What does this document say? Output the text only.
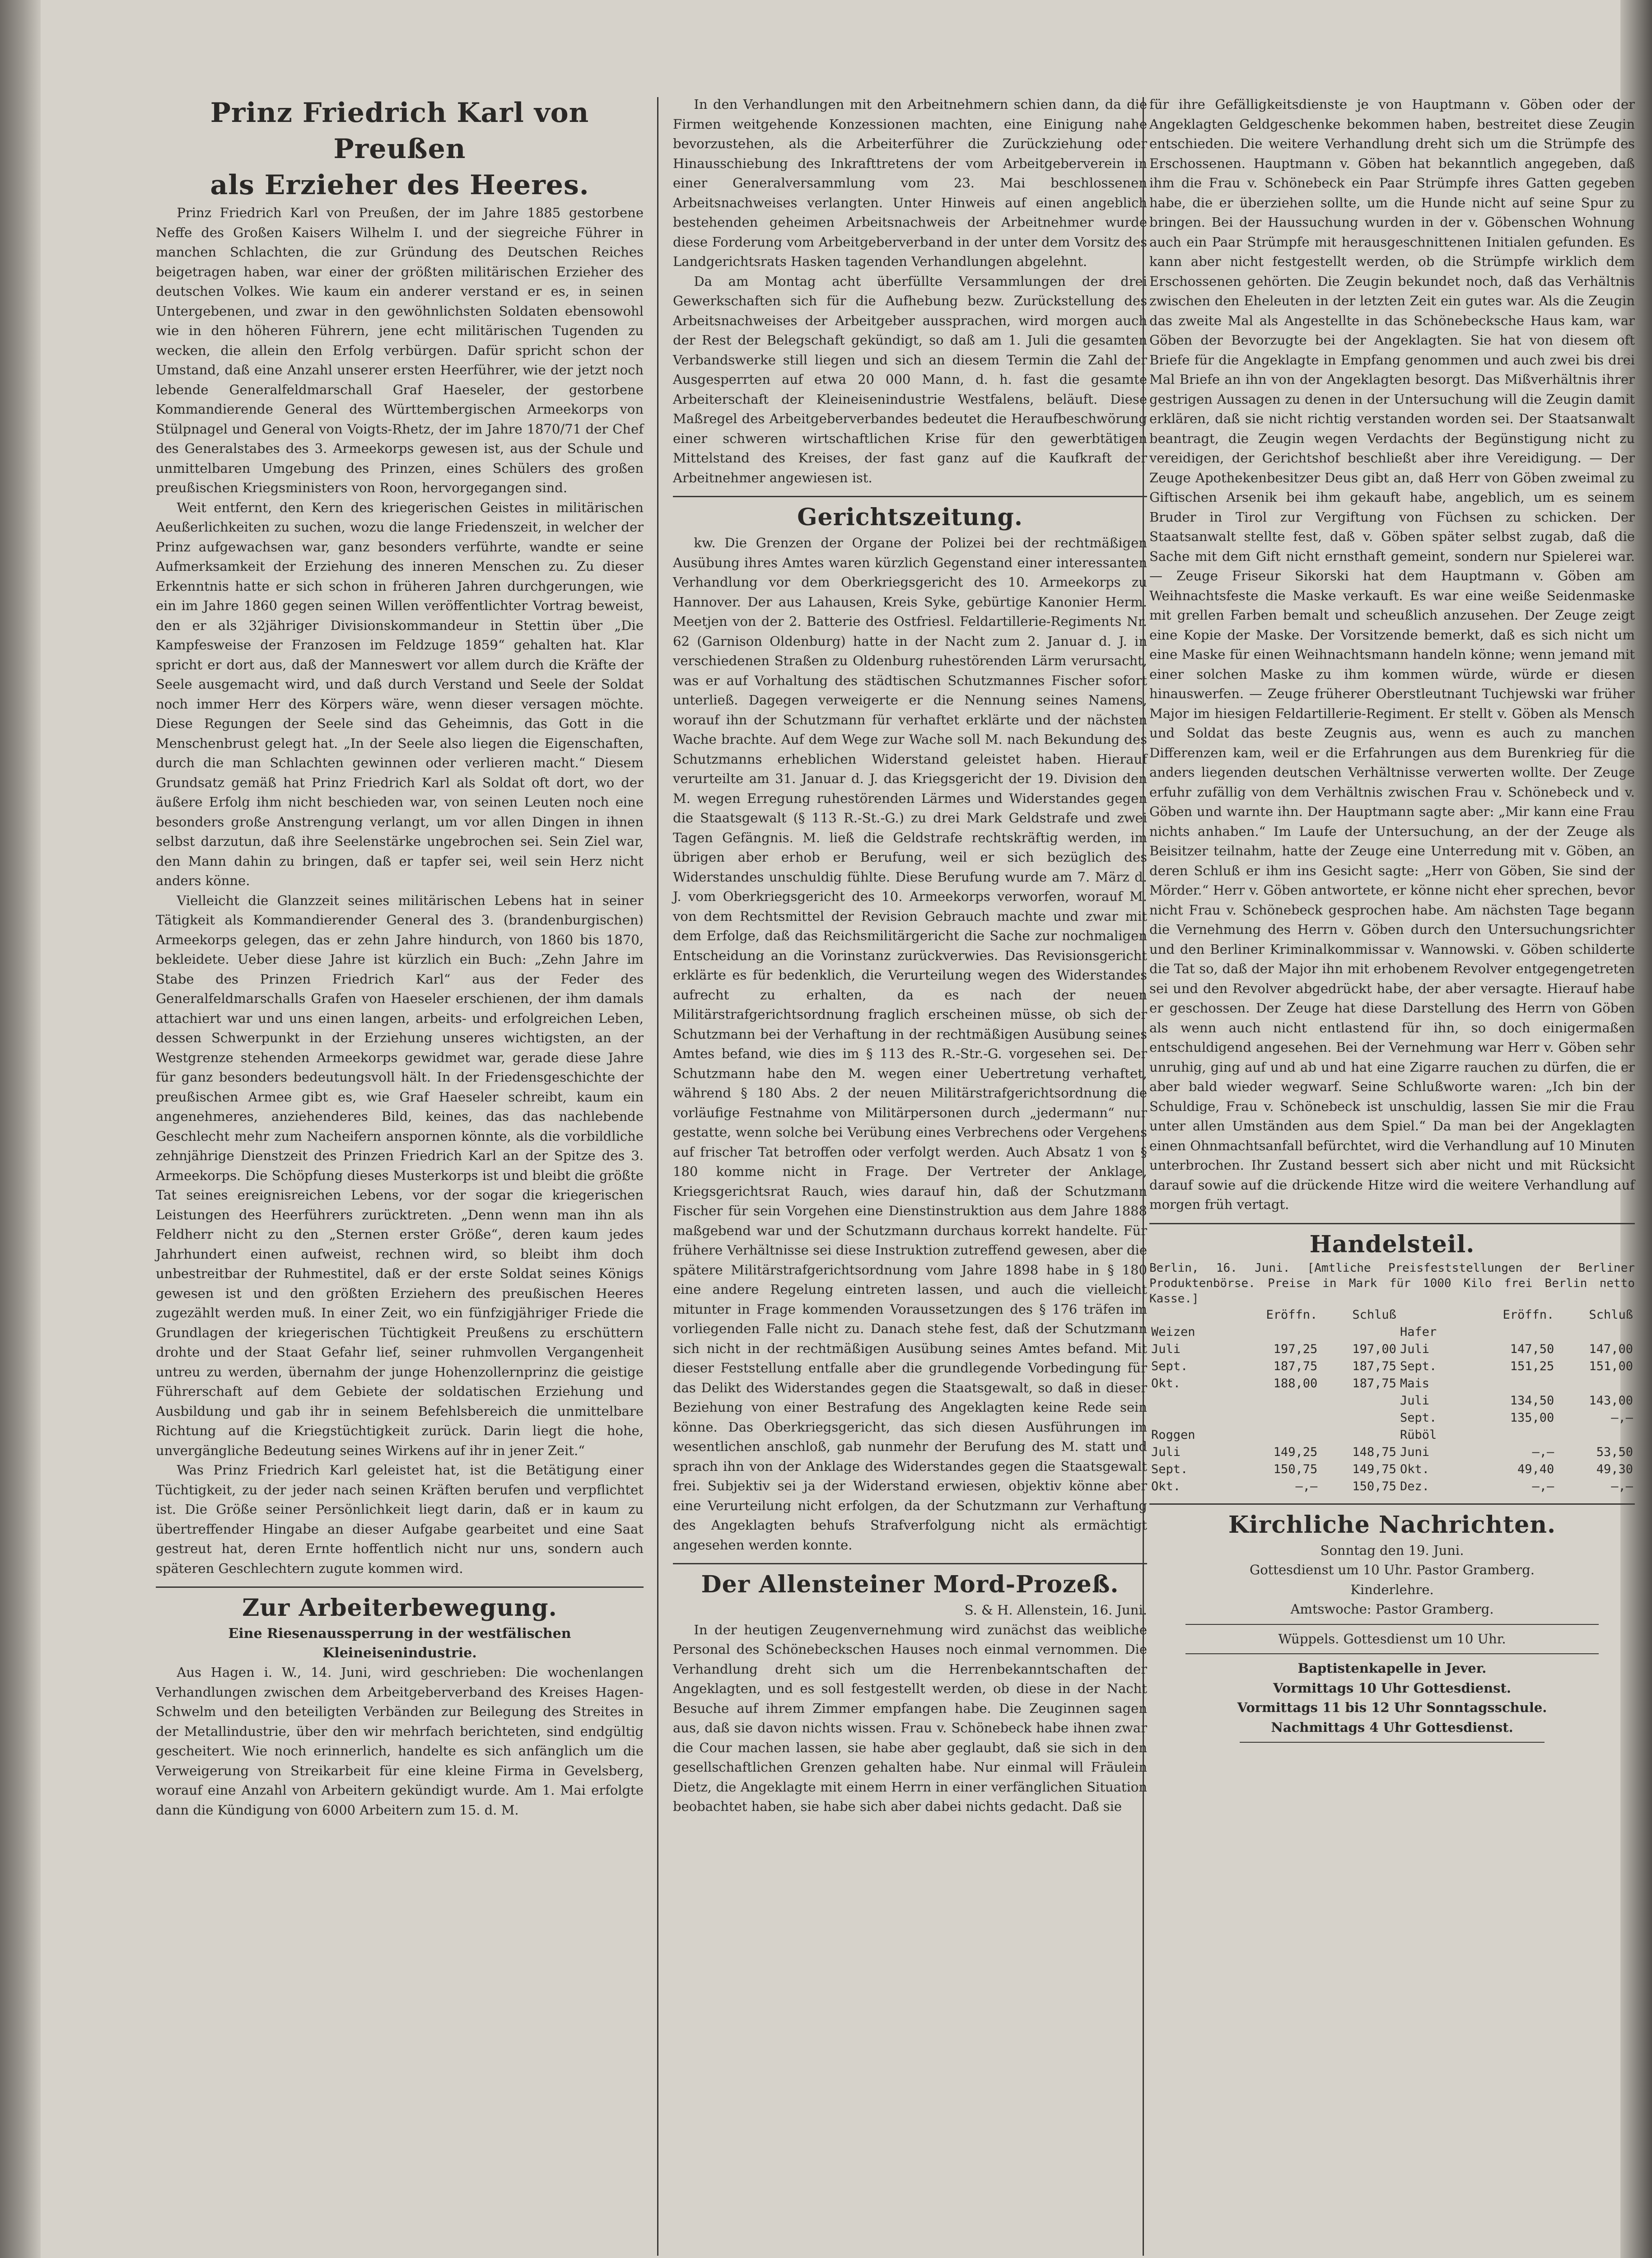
Prinz Friedrich Karl von Preußen
als Erzieher des Heeres.

Prinz Friedrich Karl von Preußen, der im Jahre 1885 gestorbene Neffe des Großen Kaisers Wilhelm I. und der siegreiche Führer in manchen Schlachten, die zur Gründung des Deutschen Reiches beigetragen haben, war einer der größten militärischen Erzieher des deutschen Volkes. Wie kaum ein anderer verstand er es, in seinen Untergebenen, und zwar in den gewöhnlichsten Soldaten ebensowohl wie in den höheren Führern, jene echt militärischen Tugenden zu wecken, die allein den Erfolg verbürgen. Dafür spricht schon der Umstand, daß eine Anzahl unserer ersten Heerführer, wie der jetzt noch lebende Generalfeldmarschall Graf Haeseler, der gestorbene Kommandierende General des Württembergischen Armeekorps von Stülpnagel und General von Voigts-Rhetz, der im Jahre 1870/71 der Chef des Generalstabes des 3. Armeekorps gewesen ist, aus der Schule und unmittelbaren Umgebung des Prinzen, eines Schülers des großen preußischen Kriegsministers von Roon, hervorgegangen sind.

Weit entfernt, den Kern des kriegerischen Geistes in militärischen Aeußerlichkeiten zu suchen, wozu die lange Friedenszeit, in welcher der Prinz aufgewachsen war, ganz besonders verführte, wandte er seine Aufmerksamkeit der Erziehung des inneren Menschen zu. Zu dieser Erkenntnis hatte er sich schon in früheren Jahren durchgerungen, wie ein im Jahre 1860 gegen seinen Willen veröffentlichter Vortrag beweist, den er als 32jähriger Divisionskommandeur in Stettin über „Die Kampfesweise der Franzosen im Feldzuge 1859“ gehalten hat. Klar spricht er dort aus, daß der Manneswert vor allem durch die Kräfte der Seele ausgemacht wird, und daß durch Verstand und Seele der Soldat noch immer Herr des Körpers wäre, wenn dieser versagen möchte. Diese Regungen der Seele sind das Geheimnis, das Gott in die Menschenbrust gelegt hat. „In der Seele also liegen die Eigenschaften, durch die man Schlachten gewinnen oder verlieren macht.“ Diesem Grundsatz gemäß hat Prinz Friedrich Karl als Soldat oft dort, wo der äußere Erfolg ihm nicht beschieden war, von seinen Leuten noch eine besonders große Anstrengung verlangt, um vor allen Dingen in ihnen selbst darzutun, daß ihre Seelenstärke ungebrochen sei. Sein Ziel war, den Mann dahin zu bringen, daß er tapfer sei, weil sein Herz nicht anders könne.

Vielleicht die Glanzzeit seines militärischen Lebens hat in seiner Tätigkeit als Kommandierender General des 3. (brandenburgischen) Armeekorps gelegen, das er zehn Jahre hindurch, von 1860 bis 1870, bekleidete. Ueber diese Jahre ist kürzlich ein Buch: „Zehn Jahre im Stabe des Prinzen Friedrich Karl“ aus der Feder des Generalfeldmarschalls Grafen von Haeseler erschienen, der ihm damals attachiert war und uns einen langen, arbeits- und erfolgreichen Leben, dessen Schwerpunkt in der Erziehung unseres wichtigsten, an der Westgrenze stehenden Armeekorps gewidmet war, gerade diese Jahre für ganz besonders bedeutungsvoll hält. In der Friedensgeschichte der preußischen Armee gibt es, wie Graf Haeseler schreibt, kaum ein angenehmeres, anziehenderes Bild, keines, das das nachlebende Geschlecht mehr zum Nacheifern anspornen könnte, als die vorbildliche zehnjährige Dienstzeit des Prinzen Friedrich Karl an der Spitze des 3. Armeekorps. Die Schöpfung dieses Musterkorps ist und bleibt die größte Tat seines ereignisreichen Lebens, vor der sogar die kriegerischen Leistungen des Heerführers zurücktreten. „Denn wenn man ihn als Feldherr nicht zu den „Sternen erster Größe“, deren kaum jedes Jahrhundert einen aufweist, rechnen wird, so bleibt ihm doch unbestreitbar der Ruhmestitel, daß er der erste Soldat seines Königs gewesen ist und den größten Erziehern des preußischen Heeres zugezählt werden muß. In einer Zeit, wo ein fünfzigjähriger Friede die Grundlagen der kriegerischen Tüchtigkeit Preußens zu erschüttern drohte und der Staat Gefahr lief, seiner ruhmvollen Vergangenheit untreu zu werden, übernahm der junge Hohenzollernprinz die geistige Führerschaft auf dem Gebiete der soldatischen Erziehung und Ausbildung und gab ihr in seinem Befehlsbereich die unmittelbare Richtung auf die Kriegstüchtigkeit zurück. Darin liegt die hohe, unvergängliche Bedeutung seines Wirkens auf ihr in jener Zeit.“

Was Prinz Friedrich Karl geleistet hat, ist die Betätigung einer Tüchtigkeit, zu der jeder nach seinen Kräften berufen und verpflichtet ist. Die Größe seiner Persönlichkeit liegt darin, daß er in kaum zu übertreffender Hingabe an dieser Aufgabe gearbeitet und eine Saat gestreut hat, deren Ernte hoffentlich nicht nur uns, sondern auch späteren Geschlechtern zugute kommen wird.

Zur Arbeiterbewegung.
Eine Riesenaussperrung in der westfälischen Kleineisenindustrie.

Aus Hagen i. W., 14. Juni, wird geschrieben: Die wochenlangen Verhandlungen zwischen dem Arbeitgeberverband des Kreises Hagen-Schwelm und den beteiligten Verbänden zur Beilegung des Streites in der Metallindustrie, über den wir mehrfach berichteten, sind endgültig gescheitert. Wie noch erinnerlich, handelte es sich anfänglich um die Verweigerung von Streikarbeit für eine kleine Firma in Gevelsberg, worauf eine Anzahl von Arbeitern gekündigt wurde. Am 1. Mai erfolgte dann die Kündigung von 6000 Arbeitern zum 15. d. M.

In den Verhandlungen mit den Arbeitnehmern schien dann, da die Firmen weitgehende Konzessionen machten, eine Einigung nahe bevorzustehen, als die Arbeiterführer die Zurückziehung oder Hinausschiebung des Inkrafttretens der vom Arbeitgeberverein in einer Generalversammlung vom 23. Mai beschlossenen Arbeitsnachweises verlangten. Unter Hinweis auf einen angeblich bestehenden geheimen Arbeitsnachweis der Arbeitnehmer wurde diese Forderung vom Arbeitgeberverband in der unter dem Vorsitz des Landgerichtsrats Hasken tagenden Verhandlungen abgelehnt.

Da am Montag acht überfüllte Versammlungen der drei Gewerkschaften sich für die Aufhebung bezw. Zurückstellung des Arbeitsnachweises der Arbeitgeber aussprachen, wird morgen auch der Rest der Belegschaft gekündigt, so daß am 1. Juli die gesamten Verbandswerke still liegen und sich an diesem Termin die Zahl der Ausgesperrten auf etwa 20 000 Mann, d. h. fast die gesamte Arbeiterschaft der Kleineisenindustrie Westfalens, beläuft. Diese Maßregel des Arbeitgeberverbandes bedeutet die Heraufbeschwörung einer schweren wirtschaftlichen Krise für den gewerbtätigen Mittelstand des Kreises, der fast ganz auf die Kaufkraft der Arbeitnehmer angewiesen ist.

Gerichtszeitung.

kw. Die Grenzen der Organe der Polizei bei der rechtmäßigen Ausübung ihres Amtes waren kürzlich Gegenstand einer interessanten Verhandlung vor dem Oberkriegsgericht des 10. Armeekorps zu Hannover. Der aus Lahausen, Kreis Syke, gebürtige Kanonier Herm. Meetjen von der 2. Batterie des Ostfriesl. Feldartillerie-Regiments Nr. 62 (Garnison Oldenburg) hatte in der Nacht zum 2. Januar d. J. in verschiedenen Straßen zu Oldenburg ruhestörenden Lärm verursacht, was er auf Vorhaltung des städtischen Schutzmannes Fischer sofort unterließ. Dagegen verweigerte er die Nennung seines Namens, worauf ihn der Schutzmann für verhaftet erklärte und der nächsten Wache brachte. Auf dem Wege zur Wache soll M. nach Bekundung des Schutzmanns erheblichen Widerstand geleistet haben. Hierauf verurteilte am 31. Januar d. J. das Kriegsgericht der 19. Division den M. wegen Erregung ruhestörenden Lärmes und Widerstandes gegen die Staatsgewalt (§ 113 R.-St.-G.) zu drei Mark Geldstrafe und zwei Tagen Gefängnis. M. ließ die Geldstrafe rechtskräftig werden, im übrigen aber erhob er Berufung, weil er sich bezüglich des Widerstandes unschuldig fühlte. Diese Berufung wurde am 7. März d. J. vom Oberkriegsgericht des 10. Armeekorps verworfen, worauf M. von dem Rechtsmittel der Revision Gebrauch machte und zwar mit dem Erfolge, daß das Reichsmilitärgericht die Sache zur nochmaligen Entscheidung an die Vorinstanz zurückverwies. Das Revisionsgericht erklärte es für bedenklich, die Verurteilung wegen des Widerstandes aufrecht zu erhalten, da es nach der neuen Militärstrafgerichtsordnung fraglich erscheinen müsse, ob sich der Schutzmann bei der Verhaftung in der rechtmäßigen Ausübung seines Amtes befand, wie dies im § 113 des R.-Str.-G. vorgesehen sei. Der Schutzmann habe den M. wegen einer Uebertretung verhaftet, während § 180 Abs. 2 der neuen Militärstrafgerichtsordnung die vorläufige Festnahme von Militärpersonen durch „jedermann“ nur gestatte, wenn solche bei Verübung eines Verbrechens oder Vergehens auf frischer Tat betroffen oder verfolgt werden. Auch Absatz 1 von § 180 komme nicht in Frage. Der Vertreter der Anklage, Kriegsgerichtsrat Rauch, wies darauf hin, daß der Schutzmann Fischer für sein Vorgehen eine Dienstinstruktion aus dem Jahre 1888 maßgebend war und der Schutzmann durchaus korrekt handelte. Für frühere Verhältnisse sei diese Instruktion zutreffend gewesen, aber die spätere Militärstrafgerichtsordnung vom Jahre 1898 habe in § 180 eine andere Regelung eintreten lassen, und auch die vielleicht mitunter in Frage kommenden Voraussetzungen des § 176 träfen im vorliegenden Falle nicht zu. Danach stehe fest, daß der Schutzmann sich nicht in der rechtmäßigen Ausübung seines Amtes befand. Mit dieser Feststellung entfalle aber die grundlegende Vorbedingung für das Delikt des Widerstandes gegen die Staatsgewalt, so daß in dieser Beziehung von einer Bestrafung des Angeklagten keine Rede sein könne. Das Oberkriegsgericht, das sich diesen Ausführungen im wesentlichen anschloß, gab nunmehr der Berufung des M. statt und sprach ihn von der Anklage des Widerstandes gegen die Staatsgewalt frei. Subjektiv sei ja der Widerstand erwiesen, objektiv könne aber eine Verurteilung nicht erfolgen, da der Schutzmann zur Verhaftung des Angeklagten behufs Strafverfolgung nicht als ermächtigt angesehen werden konnte.

Der Allensteiner Mord-Prozeß.
S. & H. Allenstein, 16. Juni.

In der heutigen Zeugenvernehmung wird zunächst das weibliche Personal des Schönebeckschen Hauses noch einmal vernommen. Die Verhandlung dreht sich um die Herrenbekanntschaften der Angeklagten, und es soll festgestellt werden, ob diese in der Nacht Besuche auf ihrem Zimmer empfangen habe. Die Zeuginnen sagen aus, daß sie davon nichts wissen. Frau v. Schönebeck habe ihnen zwar die Cour machen lassen, sie habe aber geglaubt, daß sie sich in den gesellschaftlichen Grenzen gehalten habe. Nur einmal will Fräulein Dietz, die Angeklagte mit einem Herrn in einer verfänglichen Situation beobachtet haben, sie habe sich aber dabei nichts gedacht. Daß sie

für ihre Gefälligkeitsdienste je von Hauptmann v. Göben oder der Angeklagten Geldgeschenke bekommen haben, bestreitet diese Zeugin entschieden. Die weitere Verhandlung dreht sich um die Strümpfe des Erschossenen. Hauptmann v. Göben hat bekanntlich angegeben, daß ihm die Frau v. Schönebeck ein Paar Strümpfe ihres Gatten gegeben habe, die er überziehen sollte, um die Hunde nicht auf seine Spur zu bringen. Bei der Haussuchung wurden in der v. Göbenschen Wohnung auch ein Paar Strümpfe mit herausgeschnittenen Initialen gefunden. Es kann aber nicht festgestellt werden, ob die Strümpfe wirklich dem Erschossenen gehörten. Die Zeugin bekundet noch, daß das Verhältnis zwischen den Eheleuten in der letzten Zeit ein gutes war. Als die Zeugin das zweite Mal als Angestellte in das Schönebecksche Haus kam, war Göben der Bevorzugte bei der Angeklagten. Sie hat von diesem oft Briefe für die Angeklagte in Empfang genommen und auch zwei bis drei Mal Briefe an ihn von der Angeklagten besorgt. Das Mißverhältnis ihrer gestrigen Aussagen zu denen in der Untersuchung will die Zeugin damit erklären, daß sie nicht richtig verstanden worden sei. Der Staatsanwalt beantragt, die Zeugin wegen Verdachts der Begünstigung nicht zu vereidigen, der Gerichtshof beschließt aber ihre Vereidigung. — Der Zeuge Apothekenbesitzer Deus gibt an, daß Herr von Göben zweimal zu Giftischen Arsenik bei ihm gekauft habe, angeblich, um es seinem Bruder in Tirol zur Vergiftung von Füchsen zu schicken. Der Staatsanwalt stellte fest, daß v. Göben später selbst zugab, daß die Sache mit dem Gift nicht ernsthaft gemeint, sondern nur Spielerei war. — Zeuge Friseur Sikorski hat dem Hauptmann v. Göben am Weihnachtsfeste die Maske verkauft. Es war eine weiße Seidenmaske mit grellen Farben bemalt und scheußlich anzusehen. Der Zeuge zeigt eine Kopie der Maske. Der Vorsitzende bemerkt, daß es sich nicht um eine Maske für einen Weihnachtsmann handeln könne; wenn jemand mit einer solchen Maske zu ihm kommen würde, würde er diesen hinauswerfen. — Zeuge früherer Oberstleutnant Tuchjewski war früher Major im hiesigen Feldartillerie-Regiment. Er stellt v. Göben als Mensch und Soldat das beste Zeugnis aus, wenn es auch zu manchen Differenzen kam, weil er die Erfahrungen aus dem Burenkrieg für die anders liegenden deutschen Verhältnisse verwerten wollte. Der Zeuge erfuhr zufällig von dem Verhältnis zwischen Frau v. Schönebeck und v. Göben und warnte ihn. Der Hauptmann sagte aber: „Mir kann eine Frau nichts anhaben.“ Im Laufe der Untersuchung, an der der Zeuge als Beisitzer teilnahm, hatte der Zeuge eine Unterredung mit v. Göben, an deren Schluß er ihm ins Gesicht sagte: „Herr von Göben, Sie sind der Mörder.“ Herr v. Göben antwortete, er könne nicht eher sprechen, bevor nicht Frau v. Schönebeck gesprochen habe. Am nächsten Tage begann die Vernehmung des Herrn v. Göben durch den Untersuchungsrichter und den Berliner Kriminalkommissar v. Wannowski. v. Göben schilderte die Tat so, daß der Major ihn mit erhobenem Revolver entgegengetreten sei und den Revolver abgedrückt habe, der aber versagte. Hierauf habe er geschossen. Der Zeuge hat diese Darstellung des Herrn von Göben als wenn auch nicht entlastend für ihn, so doch einigermaßen entschuldigend angesehen. Bei der Vernehmung war Herr v. Göben sehr unruhig, ging auf und ab und hat eine Zigarre rauchen zu dürfen, die er aber bald wieder wegwarf. Seine Schlußworte waren: „Ich bin der Schuldige, Frau v. Schönebeck ist unschuldig, lassen Sie mir die Frau unter allen Umständen aus dem Spiel.“ Da man bei der Angeklagten einen Ohnmachtsanfall befürchtet, wird die Verhandlung auf 10 Minuten unterbrochen. Ihr Zustand bessert sich aber nicht und mit Rücksicht darauf sowie auf die drückende Hitze wird die weitere Verhandlung auf morgen früh vertagt.

Handelsteil.

Berlin, 16. Juni. [Amtliche Preisfeststellungen der Berliner Produktenbörse. Preise in Mark für 1000 Kilo frei Berlin netto Kasse.]

	Eröffn.	Schluß		Eröffn.	Schluß
Weizen			Hafer		
Juli	197,25	197,00	Juli	147,50	147,00
Sept.	187,75	187,75	Sept.	151,25	151,00
Okt.	188,00	187,75	Mais		
			Juli	134,50	143,00
			Sept.	135,00	—,—
Roggen			Rüböl		
Juli	149,25	148,75	Juni	—,—	53,50
Sept.	150,75	149,75	Okt.	49,40	49,30
Okt.	—,—	150,75	Dez.	—,—	—,—
Kirchliche Nachrichten.

Sonntag den 19. Juni.

Gottesdienst um 10 Uhr. Pastor Gramberg.

Kinderlehre.

Amtswoche: Pastor Gramberg.

Wüppels. Gottesdienst um 10 Uhr.

Baptistenkapelle in Jever.

Vormittags 10 Uhr Gottesdienst.

Vormittags 11 bis 12 Uhr Sonntagsschule.

Nachmittags 4 Uhr Gottesdienst.
